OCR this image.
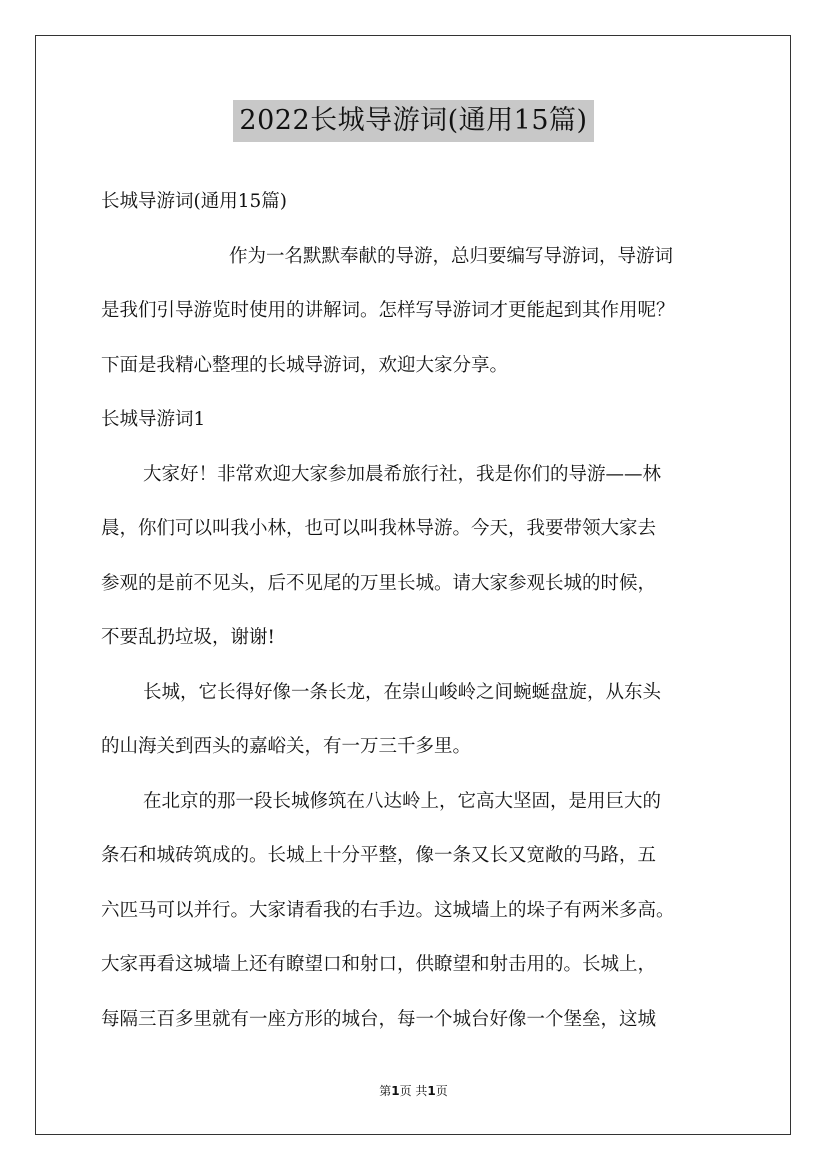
2022长城导游词(通用15篇)
长城导游词(通用15篇)
作为一名默默奉献的导游，总归要编写导游词，导游词
是我们引导游览时使用的讲解词。怎样写导游词才更能起到其作用呢？
下面是我精心整理的长城导游词，欢迎大家分享。
长城导游词1
大家好！非常欢迎大家参加晨希旅行社，我是你们的导游——林
晨，你们可以叫我小林，也可以叫我林导游。今天，我要带领大家去
参观的是前不见头，后不见尾的万里长城。请大家参观长城的时候，
不要乱扔垃圾，谢谢!
长城，它长得好像一条长龙，在崇山峻岭之间蜿蜒盘旋，从东头
的山海关到西头的嘉峪关，有一万三千多里。
在北京的那一段长城修筑在八达岭上，它高大坚固，是用巨大的
条石和城砖筑成的。长城上十分平整，像一条又长又宽敞的马路，五
六匹马可以并行。大家请看我的右手边。这城墙上的垛子有两米多高。
大家再看这城墙上还有瞭望口和射口，供瞭望和射击用的。长城上，
每隔三百多里就有一座方形的城台，每一个城台好像一个堡垒，这城
第1页 共1页
